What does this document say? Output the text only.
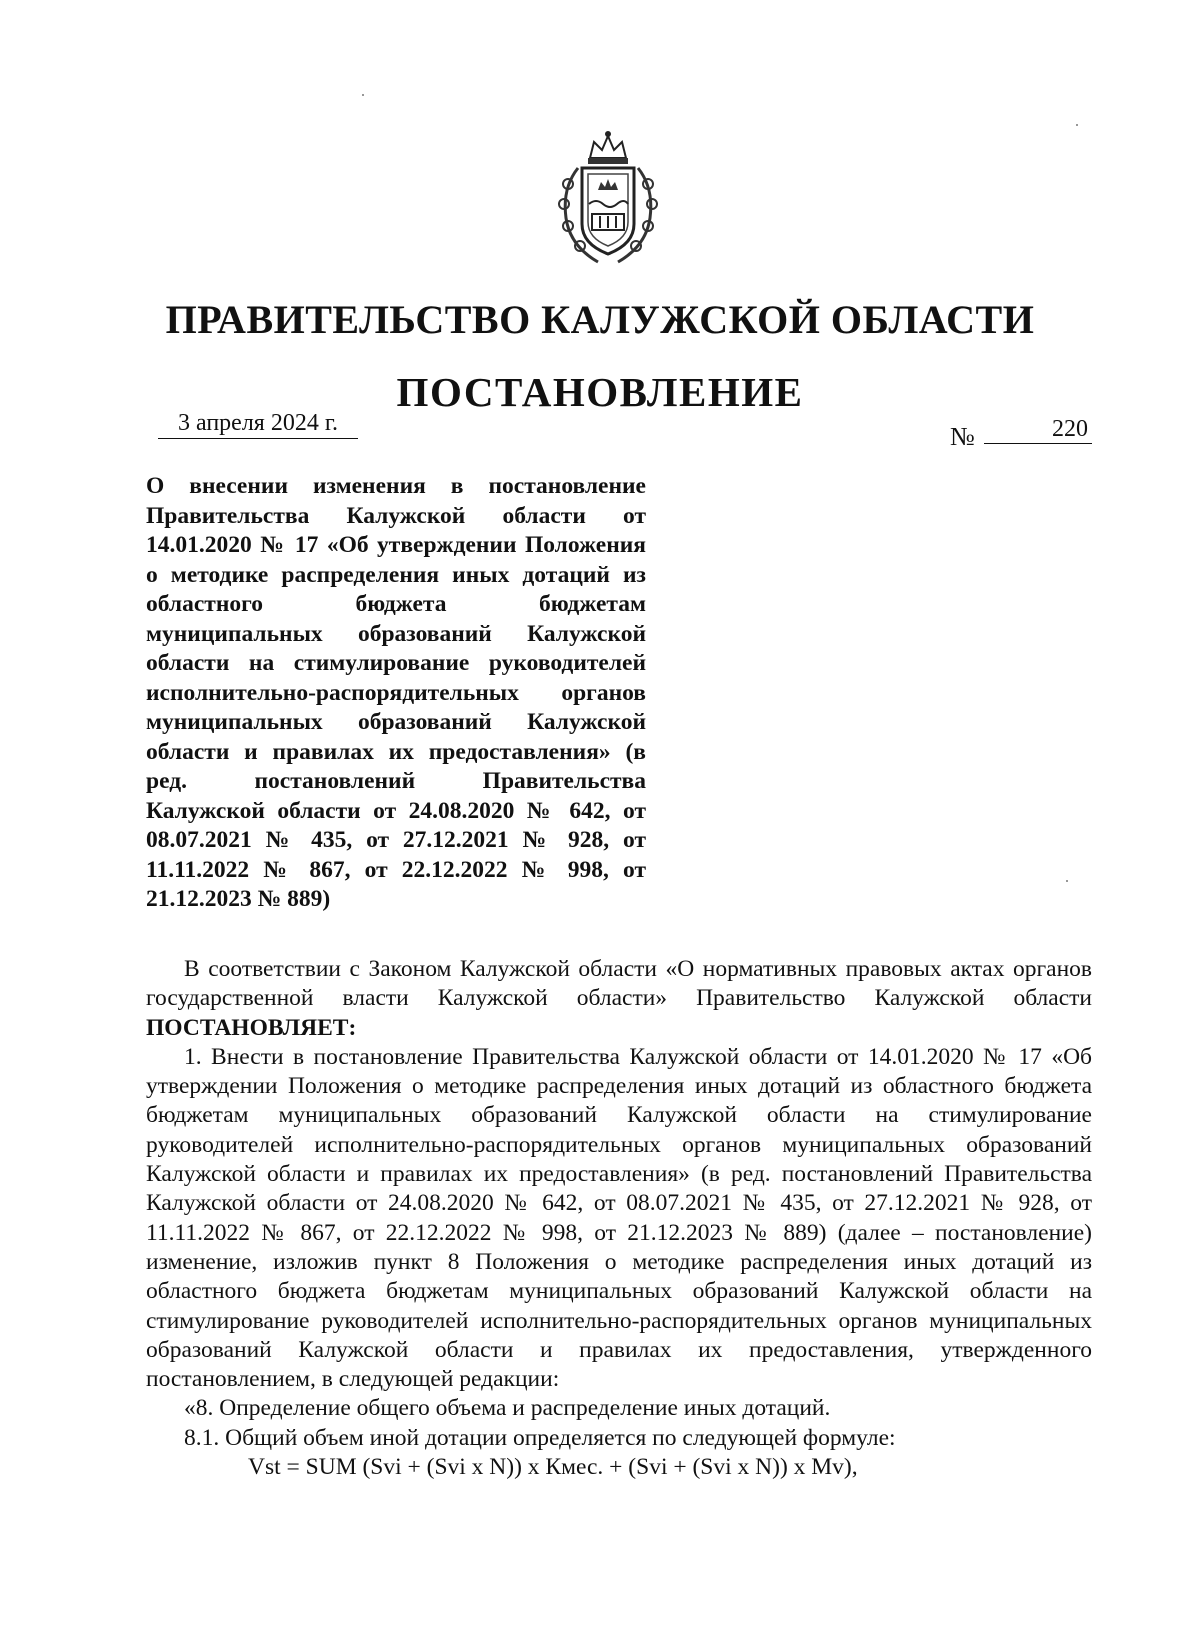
ПРАВИТЕЛЬСТВО КАЛУЖСКОЙ ОБЛАСТИ
ПОСТАНОВЛЕНИЕ
3 апреля 2024 г.	№	220
О внесении изменения в постановление Правительства Калужской области от 14.01.2020 № 17 «Об утверждении Положения о методике распределения иных дотаций из областного бюджета бюджетам муниципальных образований Калужской области на стимулирование руководителей исполнительно-распорядительных органов муниципальных образований Калужской области и правилах их предоставления» (в ред. постановлений Правительства Калужской области от 24.08.2020 № 642, от 08.07.2021 № 435, от 27.12.2021 № 928, от 11.11.2022 № 867, от 22.12.2022 № 998, от 21.12.2023 № 889)

В соответствии с Законом Калужской области «О нормативных правовых актах органов государственной власти Калужской области» Правительство Калужской области ПОСТАНОВЛЯЕТ:

1. Внести в постановление Правительства Калужской области от 14.01.2020 № 17 «Об утверждении Положения о методике распределения иных дотаций из областного бюджета бюджетам муниципальных образований Калужской области на стимулирование руководителей исполнительно-распорядительных органов муниципальных образований Калужской области и правилах их предоставления» (в ред. постановлений Правительства Калужской области от 24.08.2020 № 642, от 08.07.2021 № 435, от 27.12.2021 № 928, от 11.11.2022 № 867, от 22.12.2022 № 998, от 21.12.2023 № 889) (далее – постановление) изменение, изложив пункт 8 Положения о методике распределения иных дотаций из областного бюджета бюджетам муниципальных образований Калужской области на стимулирование руководителей исполнительно-распорядительных органов муниципальных образований Калужской области и правилах их предоставления, утвержденного постановлением, в следующей редакции:

«8. Определение общего объема и распределение иных дотаций.

8.1. Общий объем иной дотации определяется по следующей формуле:

Vst = SUM (Svi + (Svi x N)) x Кмес. + (Svi + (Svi x N)) x Mv),
